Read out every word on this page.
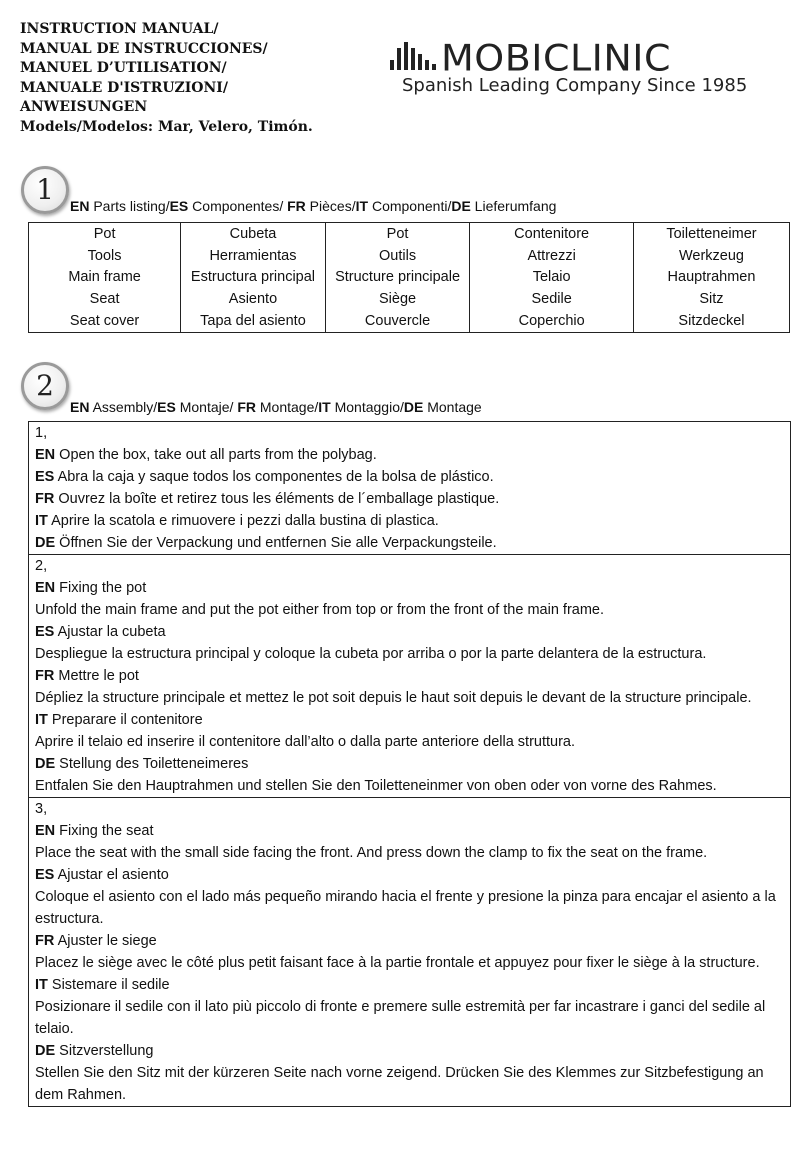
INSTRUCTION MANUAL/
MANUAL DE INSTRUCCIONES/
MANUEL D’UTILISATION/
MANUALE D'ISTRUZIONI/
ANWEISUNGEN
Models/Modelos: Mar, Velero, Timón.
MOBICLINIC
Spanish Leading Company Since 1985
1	EN Parts listing/ES Componentes/ FR Pièces/IT Componenti/DE Lieferumfang
Pot	Cubeta	Pot	Contenitore	Toiletteneimer
Tools	Herramientas	Outils	Attrezzi	Werkzeug
Main frame	Estructura principal	Structure principale	Telaio	Hauptrahmen
Seat	Asiento	Siège	Sedile	Sitz
Seat cover	Tapa del asiento	Couvercle	Coperchio	Sitzdeckel
2
EN Assembly/ES Montaje/ FR Montage/IT Montaggio/DE Montage
1,
EN Open the box, take out all parts from the polybag.
ES Abra la caja y saque todos los componentes de la bolsa de plástico.
FR Ouvrez la boîte et retirez tous les éléments de l´emballage plastique.
IT Aprire la scatola e rimuovere i pezzi dalla bustina di plastica.
DE Öffnen Sie der Verpackung und entfernen Sie alle Verpackungsteile.
2,
EN Fixing the pot
Unfold the main frame and put the pot either from top or from the front of the main frame.
ES Ajustar la cubeta
Despliegue la estructura principal y coloque la cubeta por arriba o por la parte delantera de la estructura.
FR Mettre le pot
Dépliez la structure principale et mettez le pot soit depuis le haut soit depuis le devant de la structure principale.
IT Preparare il contenitore
Aprire il telaio ed inserire il contenitore dall’alto o dalla parte anteriore della struttura.
DE Stellung des Toiletteneimeres
Entfalen Sie den Hauptrahmen und stellen Sie den Toiletteneinmer von oben oder von vorne des Rahmes.
3,
EN Fixing the seat
Place the seat with the small side facing the front. And press down the clamp to fix the seat on the frame.
ES Ajustar el asiento
Coloque el asiento con el lado más pequeño mirando hacia el frente y presione la pinza para encajar el asiento a la estructura.
FR Ajuster le siege
Placez le siège avec le côté plus petit faisant face à la partie frontale et appuyez pour fixer le siège à la structure.
IT Sistemare il sedile
Posizionare il sedile con il lato più piccolo di fronte e premere sulle estremità per far incastrare i ganci del sedile al telaio.
DE Sitzverstellung
Stellen Sie den Sitz mit der kürzeren Seite nach vorne zeigend. Drücken Sie des Klemmes zur Sitzbefestigung an dem Rahmen.
